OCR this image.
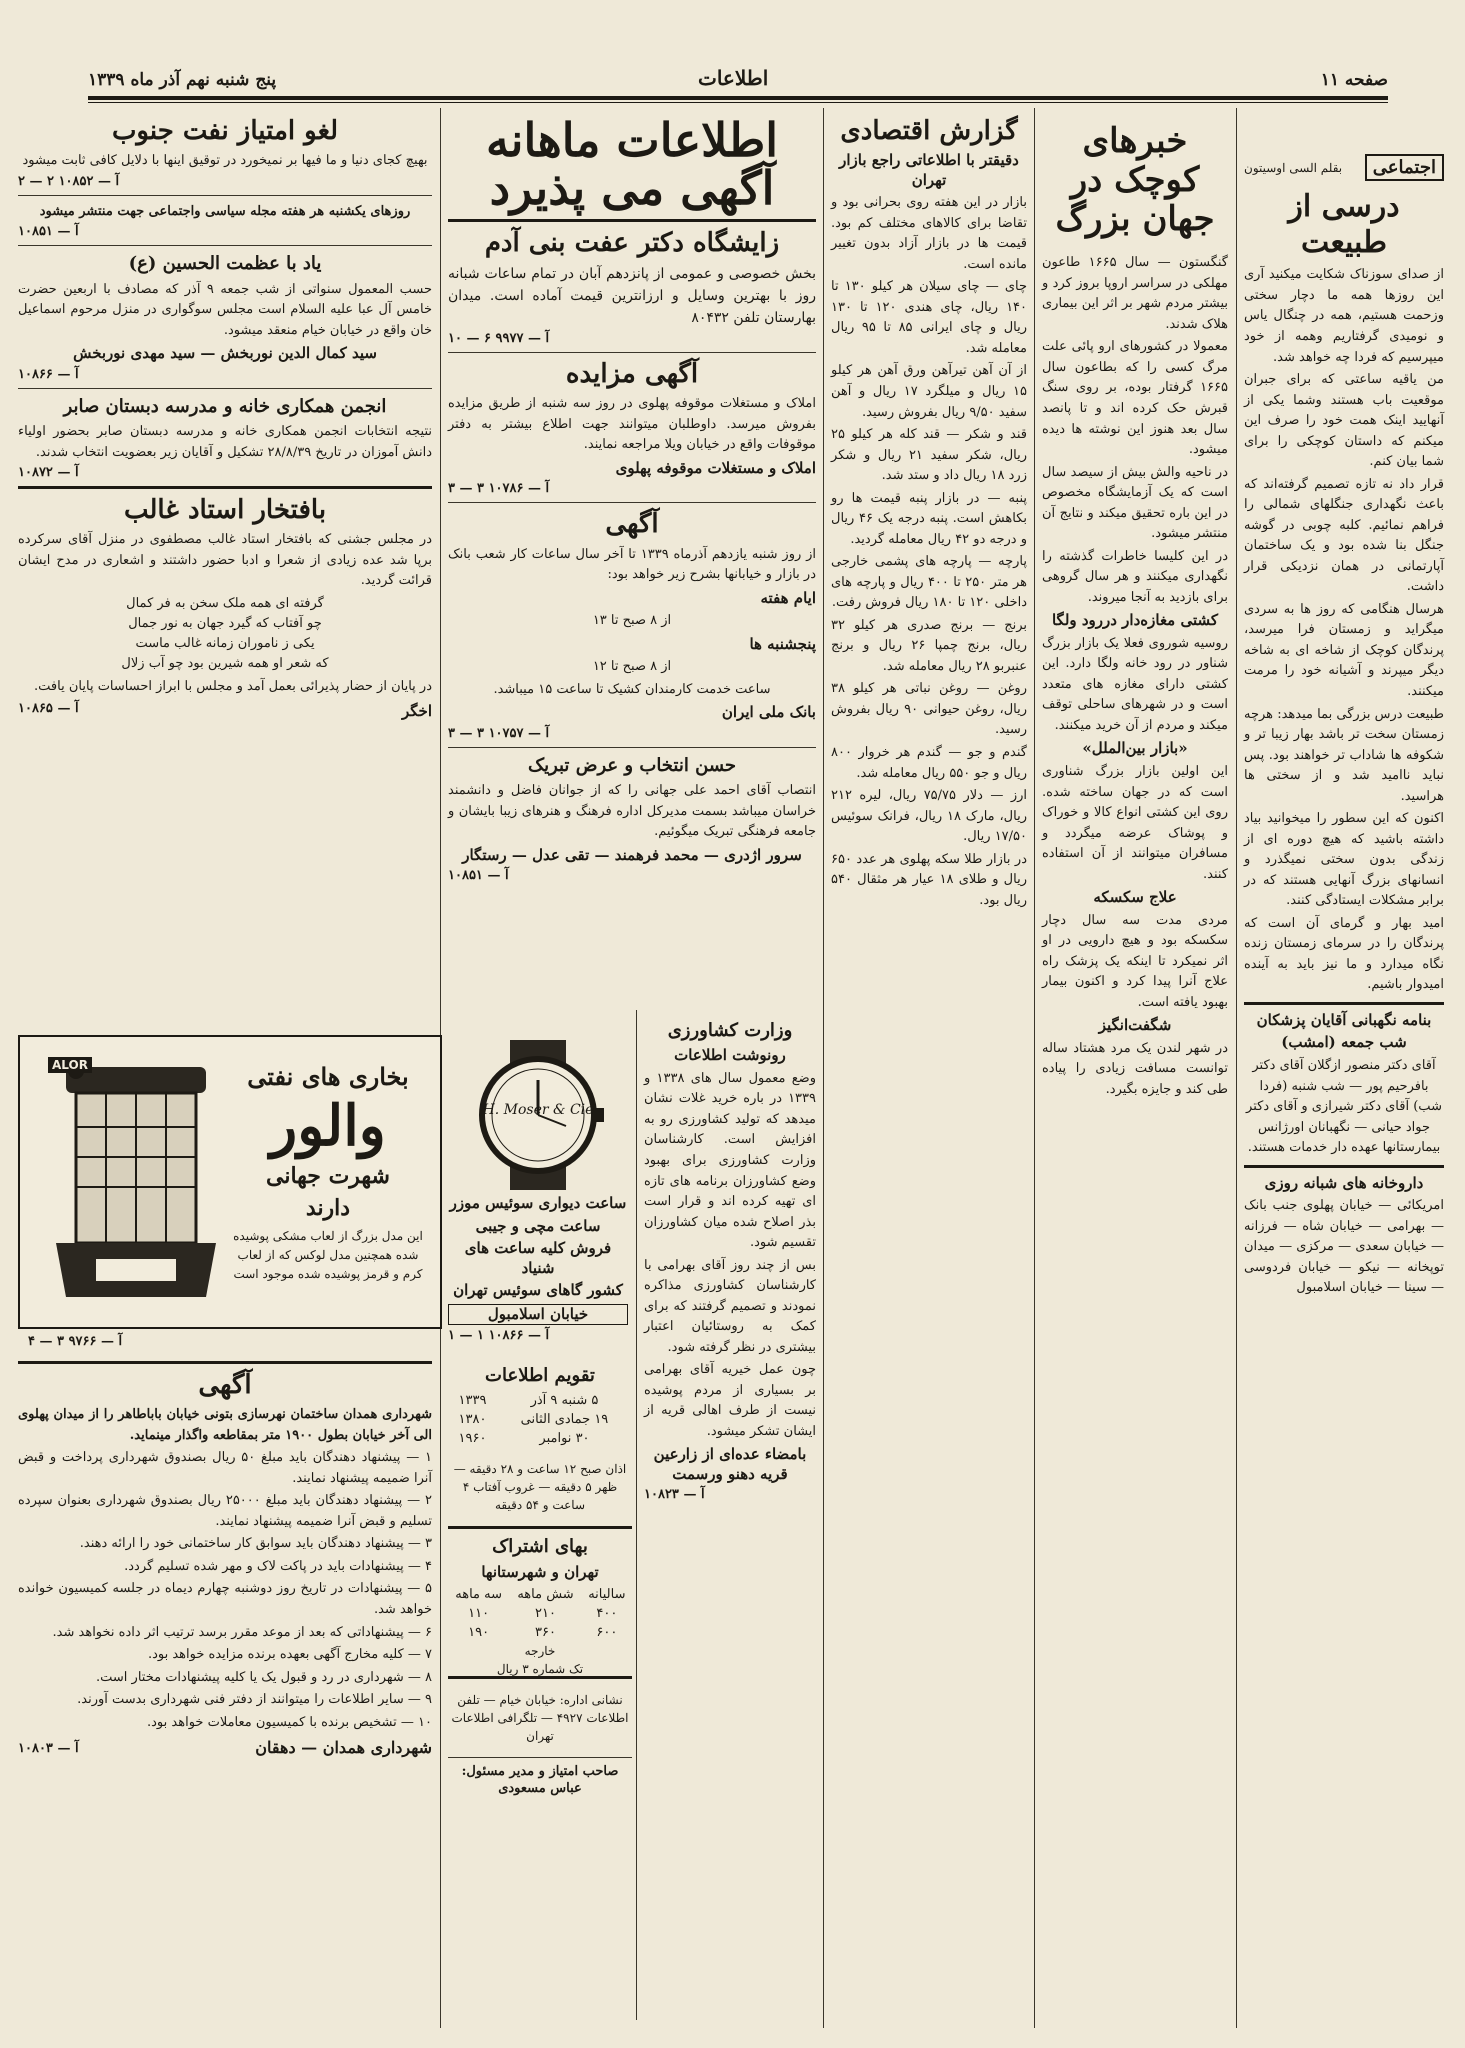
صفحه ۱۱
اطلاعات
پنج شنبه نهم آذر ماه ۱۳۳۹
اجتماعی
بقلم السی اوسیتون
درسی از طبیعت

از صدای سوزناک شکایت میکنید آری این روزها همه ما دچار سختی وزحمت هستیم، همه در چنگال یاس و نومیدی گرفتاریم وهمه از خود میپرسیم که فردا چه خواهد شد.

من یاقیه ساعتی که برای جبران موقعیت باب هستند وشما یکی از آنهایید اینک همت خود را صرف این میکنم که داستان کوچکی را برای شما بیان کنم.

قرار داد نه تازه تصمیم گرفته‌اند که باعث نگهداری جنگلهای شمالی را فراهم نمائیم. کلبه چوبی در گوشه جنگل بنا شده بود و یک ساختمان آپارتمانی در همان نزدیکی قرار داشت.

هرسال هنگامی که روز ها به سردی میگراید و زمستان فرا میرسد، پرندگان کوچک از شاخه ای به شاخه دیگر میپرند و آشیانه خود را مرمت میکنند.

طبیعت درس بزرگی بما میدهد: هرچه زمستان سخت تر باشد بهار زیبا تر و شکوفه ها شاداب تر خواهند بود. پس نباید ناامید شد و از سختی ها هراسید.

اکنون که این سطور را میخوانید بیاد داشته باشید که هیچ دوره ای از زندگی بدون سختی نمیگذرد و انسانهای بزرگ آنهایی هستند که در برابر مشکلات ایستادگی کنند.

امید بهار و گرمای آن است که پرندگان را در سرمای زمستان زنده نگاه میدارد و ما نیز باید به آینده امیدوار باشیم.

بنامه نگهبانی آقایان پزشکان
شب جمعه (امشب)

آقای دکتر منصور ازگلان آقای دکتر بافرحیم پور — شب شنبه (فردا شب) آقای دکتر شیرازی و آقای دکتر جواد حیانی — نگهبانان اورژانس بیمارستانها عهده دار خدمات هستند.

داروخانه های شبانه روزی

امریکائی — خیابان پهلوی جنب بانک — بهرامی — خیابان شاه — فرزانه — خیابان سعدی — مرکزی — میدان توپخانه — نیکو — خیابان فردوسی — سینا — خیابان اسلامبول

خبرهای کوچک در جهان بزرگ

گنگستون — سال ۱۶۶۵ طاعون مهلکی در سراسر اروپا بروز کرد و بیشتر مردم شهر بر اثر این بیماری هلاک شدند.

معمولا در کشورهای ارو پائی علت مرگ کسی را که بطاعون سال ۱۶۶۵ گرفتار بوده، بر روی سنگ قبرش حک کرده اند و تا پانصد سال بعد هنوز این نوشته ها دیده میشود.

در ناحیه والش بیش از سیصد سال است که یک آزمایشگاه مخصوص در این باره تحقیق میکند و نتایج آن منتشر میشود.

در این کلیسا خاطرات گذشته را نگهداری میکنند و هر سال گروهی برای بازدید به آنجا میروند.

کشتی مغازه‌دار دررود ولگا

روسیه شوروی فعلا یک بازار بزرگ شناور در رود خانه ولگا دارد. این کشتی دارای مغازه های متعدد است و در شهرهای ساحلی توقف میکند و مردم از آن خرید میکنند.

«بازار بین‌الملل»

این اولین بازار بزرگ شناوری است که در جهان ساخته شده. روی این کشتی انواع کالا و خوراک و پوشاک عرضه میگردد و مسافران میتوانند از آن استفاده کنند.

علاج سکسکه

مردی مدت سه سال دچار سکسکه بود و هیچ دارویی در او اثر نمیکرد تا اینکه یک پزشک راه علاج آنرا پیدا کرد و اکنون بیمار بهبود یافته است.

شگفت‌انگیز

در شهر لندن یک مرد هشتاد ساله توانست مسافت زیادی را پیاده طی کند و جایزه بگیرد.

گزارش اقتصادی
دقیقتر با اطلاعاتی راجع بازار تهران

بازار در این هفته روی بحرانی بود و تقاضا برای کالاهای مختلف کم بود. قیمت ها در بازار آزاد بدون تغییر مانده است.

چای — چای سیلان هر کیلو ۱۳۰ تا ۱۴۰ ریال، چای هندی ۱۲۰ تا ۱۳۰ ریال و چای ایرانی ۸۵ تا ۹۵ ریال معامله شد.

از آن آهن تیرآهن ورق آهن هر کیلو ۱۵ ریال و میلگرد ۱۷ ریال و آهن سفید ۹/۵۰ ریال بفروش رسید.

قند و شکر — قند کله هر کیلو ۲۵ ریال، شکر سفید ۲۱ ریال و شکر زرد ۱۸ ریال داد و ستد شد.

پنبه — در بازار پنبه قیمت ها رو بکاهش است. پنبه درجه یک ۴۶ ریال و درجه دو ۴۲ ریال معامله گردید.

پارچه — پارچه های پشمی خارجی هر متر ۲۵۰ تا ۴۰۰ ریال و پارچه های داخلی ۱۲۰ تا ۱۸۰ ریال فروش رفت.

برنج — برنج صدری هر کیلو ۳۲ ریال، برنج چمپا ۲۶ ریال و برنج عنبربو ۲۸ ریال معامله شد.

روغن — روغن نباتی هر کیلو ۳۸ ریال، روغن حیوانی ۹۰ ریال بفروش رسید.

گندم و جو — گندم هر خروار ۸۰۰ ریال و جو ۵۵۰ ریال معامله شد.

ارز — دلار ۷۵/۷۵ ریال، لیره ۲۱۲ ریال، مارک ۱۸ ریال، فرانک سوئیس ۱۷/۵۰ ریال.

در بازار طلا سکه پهلوی هر عدد ۶۵۰ ریال و طلای ۱۸ عیار هر مثقال ۵۴۰ ریال بود.

اطلاعات ماهانه آگهی می پذیرد
زایشگاه دکتر عفت بنی آدم

بخش خصوصی و عمومی از پانزدهم آبان در تمام ساعات شبانه روز با بهترین وسایل و ارزانترین قیمت آماده است. میدان بهارستان تلفن ۸۰۴۳۲

آ — ۹۹۷۷ ۶ — ۱۰
آگهی مزایده

املاک و مستغلات موقوفه پهلوی در روز سه شنبه از طریق مزایده بفروش میرسد. داوطلبان میتوانند جهت اطلاع بیشتر به دفتر موقوفات واقع در خیابان ویلا مراجعه نمایند.

املاک و مستغلات موقوفه پهلوی
آ — ۱۰۷۸۶ ۳ — ۳
آگهی

از روز شنبه یازدهم آذرماه ۱۳۳۹ تا آخر سال ساعات کار شعب بانک در بازار و خیابانها بشرح زیر خواهد بود:

ایام هفته
از ۸ صبح تا ۱۳
پنجشنبه ها
از ۸ صبح تا ۱۲

ساعت خدمت کارمندان کشیک تا ساعت ۱۵ میباشد.

بانک ملی ایران
آ — ۱۰۷۵۷ ۳ — ۳
حسن انتخاب و عرض تبریک

انتصاب آقای احمد علی جهانی را که از جوانان فاضل و دانشمند خراسان میباشد بسمت مدیرکل اداره فرهنگ و هنرهای زیبا بایشان و جامعه فرهنگی تبریک میگوئیم.

سرور اژدری — محمد فرهمند — تقی عدل — رستگار
آ — ۱۰۸۵۱
وزارت کشاورزی
رونوشت اطلاعات

وضع معمول سال های ۱۳۳۸ و ۱۳۳۹ در باره خرید غلات نشان میدهد که تولید کشاورزی رو به افزایش است. کارشناسان وزارت کشاورزی برای بهبود وضع کشاورزان برنامه های تازه ای تهیه کرده اند و قرار است بذر اصلاح شده میان کشاورزان تقسیم شود.

بس از چند روز آقای بهرامی با کارشناسان کشاورزی مذاکره نمودند و تصمیم گرفتند که برای کمک به روستائیان اعتبار بیشتری در نظر گرفته شود.

چون عمل خیریه آقای بهرامی بر بسیاری از مردم پوشیده نیست از طرف اهالی قریه از ایشان تشکر میشود.

بامضاء عده‌ای از زارعین قریه دهنو ورسمت
آ — ۱۰۸۲۳
H. Moser & Cie
ساعت دیواری سوئیس موزر
ساعت مچی و جیبی
فروش کلیه ساعت های شنیاد
کشور گاهای سوئیس تهران
خیابان اسلامبول
آ — ۱۰۸۶۶ ۱ — ۱
تقویم اطلاعات
۵ شنبه ۹ آذر	۱۳۳۹
۱۹ جمادی الثانی	۱۳۸۰
۳۰ نوامبر	۱۹۶۰

اذان صبح ۱۲ ساعت و ۲۸ دقیقه — ظهر ۵ دقیقه — غروب آفتاب ۴ ساعت و ۵۴ دقیقه

بهای اشتراک
تهران و شهرستانها
سالیانه	شش ماهه	سه ماهه
۴۰۰	۲۱۰	۱۱۰
۶۰۰	۳۶۰	۱۹۰
خارجه
تک شماره ۳ ریال

نشانی اداره: خیابان خیام — تلفن اطلاعات ۴۹۲۷ — تلگرافی اطلاعات تهران

صاحب امتیاز و مدیر مسئول: عباس مسعودی

لغو امتیاز نفت جنوب

بهیچ کجای دنیا و ما فیها بر نمیخورد در توقیق اینها با دلایل کافی ثابت میشود

آ — ۱۰۸۵۲ ۲ — ۲

روزهای یکشنبه هر هفته مجله سیاسی واجتماعی جهت منتشر میشود

آ — ۱۰۸۵۱
یاد با عظمت الحسین (ع)

حسب المعمول سنواتی از شب جمعه ۹ آذر که مصادف با اربعین حضرت خامس آل عبا علیه السلام است مجلس سوگواری در منزل مرحوم اسماعیل خان واقع در خیابان خیام منعقد میشود.

سید کمال الدین نوربخش — سید مهدی نوربخش
آ — ۱۰۸۶۶
انجمن همکاری خانه و مدرسه دبستان صابر

نتیجه انتخابات انجمن همکاری خانه و مدرسه دبستان صابر بحضور اولیاء دانش آموزان در تاریخ ۲۸/۸/۳۹ تشکیل و آقایان زیر بعضویت انتخاب شدند.

آ — ۱۰۸۷۲
بافتخار استاد غالب

در مجلس جشنی که بافتخار استاد غالب مصطفوی در منزل آقای سرکرده برپا شد عده زیادی از شعرا و ادبا حضور داشتند و اشعاری در مدح ایشان قرائت گردید.

گرفته ای همه ملک سخن به فر کمال
چو آفتاب که گیرد جهان به نور جمال
یکی ز ناموران زمانه غالب ماست
که شعر او همه شیرین بود چو آب زلال

در پایان از حضار پذیرائی بعمل آمد و مجلس با ابراز احساسات پایان یافت.

اخگر
آ — ۱۰۸۶۵
ALOR	بخاری های نفتی
والور
شهرت جهانی
دارند

این مدل بزرگ از لعاب مشکی پوشیده شده همچنین مدل لوکس که از لعاب کرم و قرمز پوشیده شده موجود است

آ — ۹۷۶۶ ۳ — ۴
آگهی

شهرداری همدان ساختمان نهرسازی بتونی خیابان باباطاهر را از میدان پهلوی الی آخر خیابان بطول ۱۹۰۰ متر بمقاطعه واگذار مینماید.

۱ — پیشنهاد دهندگان باید مبلغ ۵۰ ریال بصندوق شهرداری پرداخت و قبض آنرا ضمیمه پیشنهاد نمایند.

۲ — پیشنهاد دهندگان باید مبلغ ۲۵۰۰۰ ریال بصندوق شهرداری بعنوان سپرده تسلیم و قبض آنرا ضمیمه پیشنهاد نمایند.

۳ — پیشنهاد دهندگان باید سوابق کار ساختمانی خود را ارائه دهند.

۴ — پیشنهادات باید در پاکت لاک و مهر شده تسلیم گردد.

۵ — پیشنهادات در تاریخ روز دوشنبه چهارم دیماه در جلسه کمیسیون خوانده خواهد شد.

۶ — پیشنهاداتی که بعد از موعد مقرر برسد ترتیب اثر داده نخواهد شد.

۷ — کلیه مخارج آگهی بعهده برنده مزایده خواهد بود.

۸ — شهرداری در رد و قبول یک یا کلیه پیشنهادات مختار است.

۹ — سایر اطلاعات را میتوانند از دفتر فنی شهرداری بدست آورند.

۱۰ — تشخیص برنده با کمیسیون معاملات خواهد بود.

شهرداری همدان — دهقان
آ — ۱۰۸۰۳
